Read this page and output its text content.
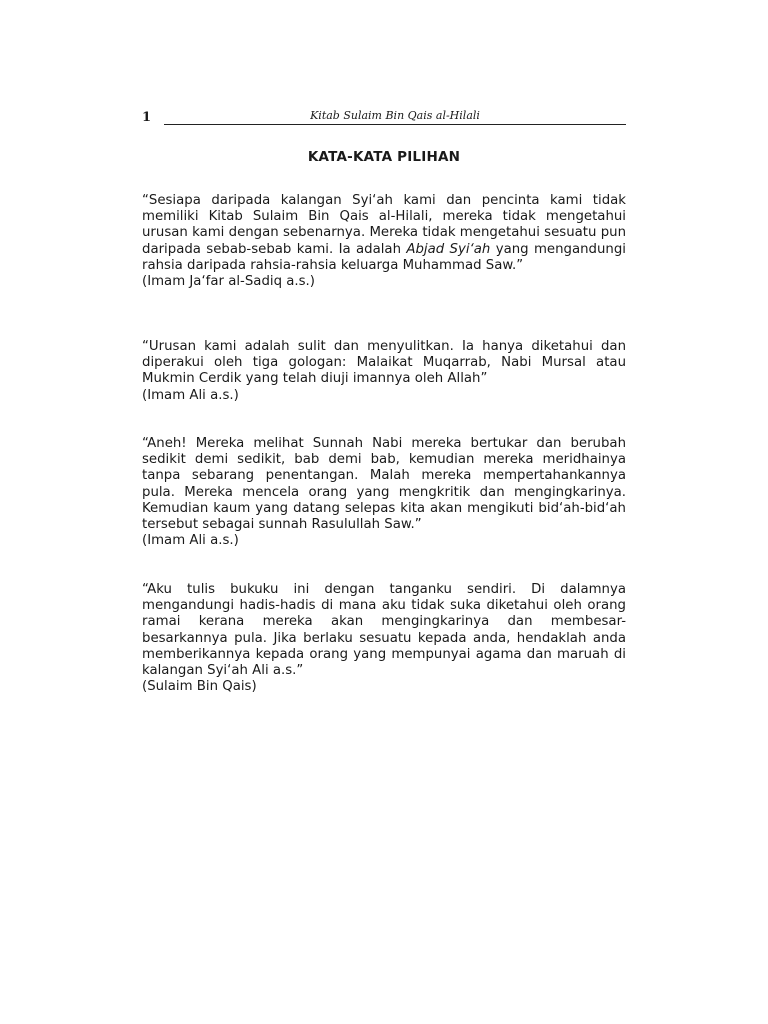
1	Kitab Sulaim Bin Qais al-Hilali
KATA-KATA PILIHAN

“Sesiapa daripada kalangan Syi‘ah kami dan pencinta kami tidak memiliki Kitab Sulaim Bin Qais al-Hilali, mereka tidak mengetahui urusan kami dengan sebenarnya. Mereka tidak mengetahui sesuatu pun daripada sebab-sebab kami. Ia adalah Abjad Syi‘ah yang mengandungi rahsia daripada rahsia-rahsia keluarga Muhammad Saw.”

(Imam Ja‘far al-Sadiq a.s.)

“Urusan kami adalah sulit dan menyulitkan. Ia hanya diketahui dan diperakui oleh tiga gologan: Malaikat Muqarrab, Nabi Mursal atau Mukmin Cerdik yang telah diuji imannya oleh Allah”

(Imam Ali a.s.)

“Aneh! Mereka melihat Sunnah Nabi mereka bertukar dan berubah sedikit demi sedikit, bab demi bab, kemudian mereka meridhainya tanpa sebarang penentangan. Malah mereka mempertahankannya pula. Mereka mencela orang yang mengkritik dan mengingkarinya. Kemudian kaum yang datang selepas kita akan mengikuti bid‘ah-bid‘ah tersebut sebagai sunnah Rasulullah Saw.”

(Imam Ali a.s.)

“Aku tulis bukuku ini dengan tanganku sendiri. Di dalamnya mengandungi hadis-hadis di mana aku tidak suka diketahui oleh orang ramai kerana mereka akan mengingkarinya dan membesar-besarkannya pula. Jika berlaku sesuatu kepada anda, hendaklah anda memberikannya kepada orang yang mempunyai agama dan maruah di kalangan Syi‘ah Ali a.s.”

(Sulaim Bin Qais)
